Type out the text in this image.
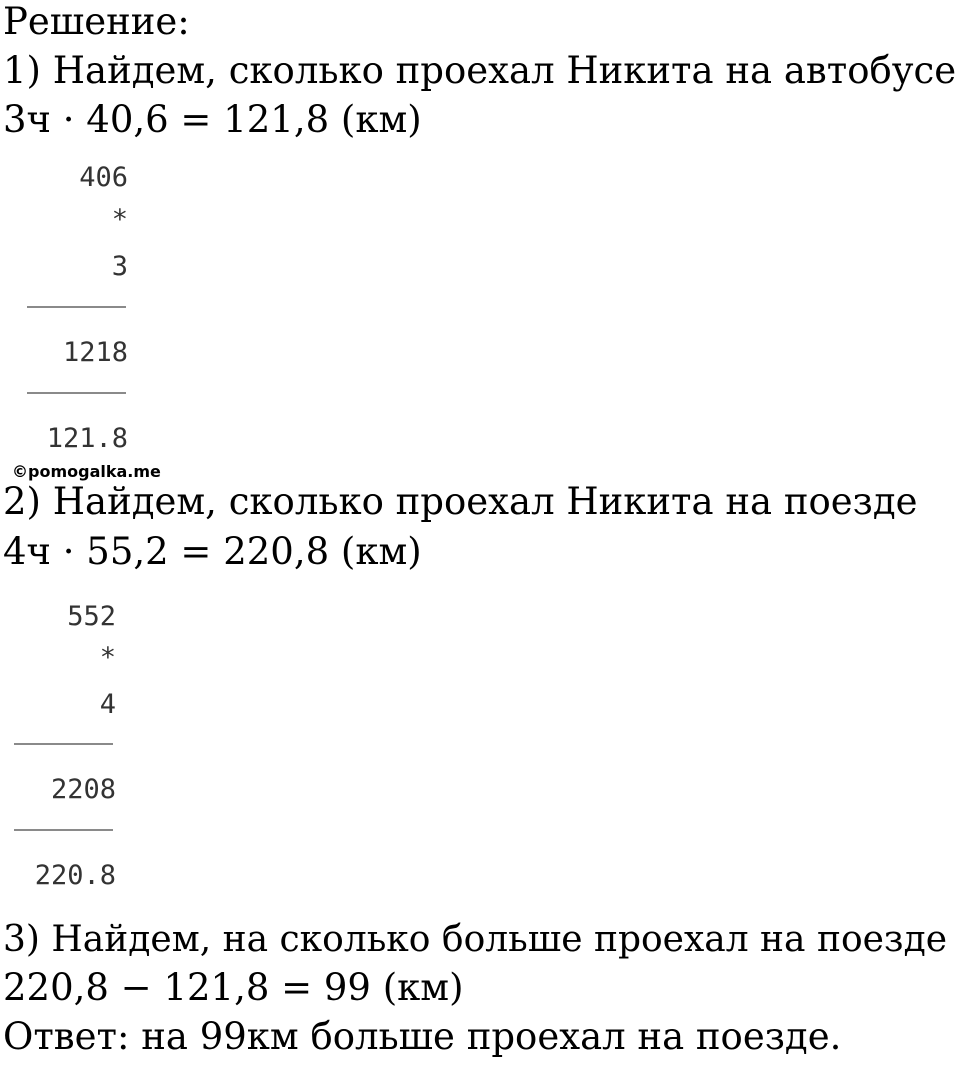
Решение:
1) Найдем, сколько проехал Никита на автобусе
3ч · 40,6 = 121,8 (км)
406
*
3
1218
121.8
©pomogalka.me
2) Найдем, сколько проехал Никита на поезде
4ч · 55,2 = 220,8 (км)
552
*
4
2208
220.8
3) Найдем, на сколько больше проехал на поезде
220,8 − 121,8 = 99 (км)
Ответ: на 99км больше проехал на поезде.
